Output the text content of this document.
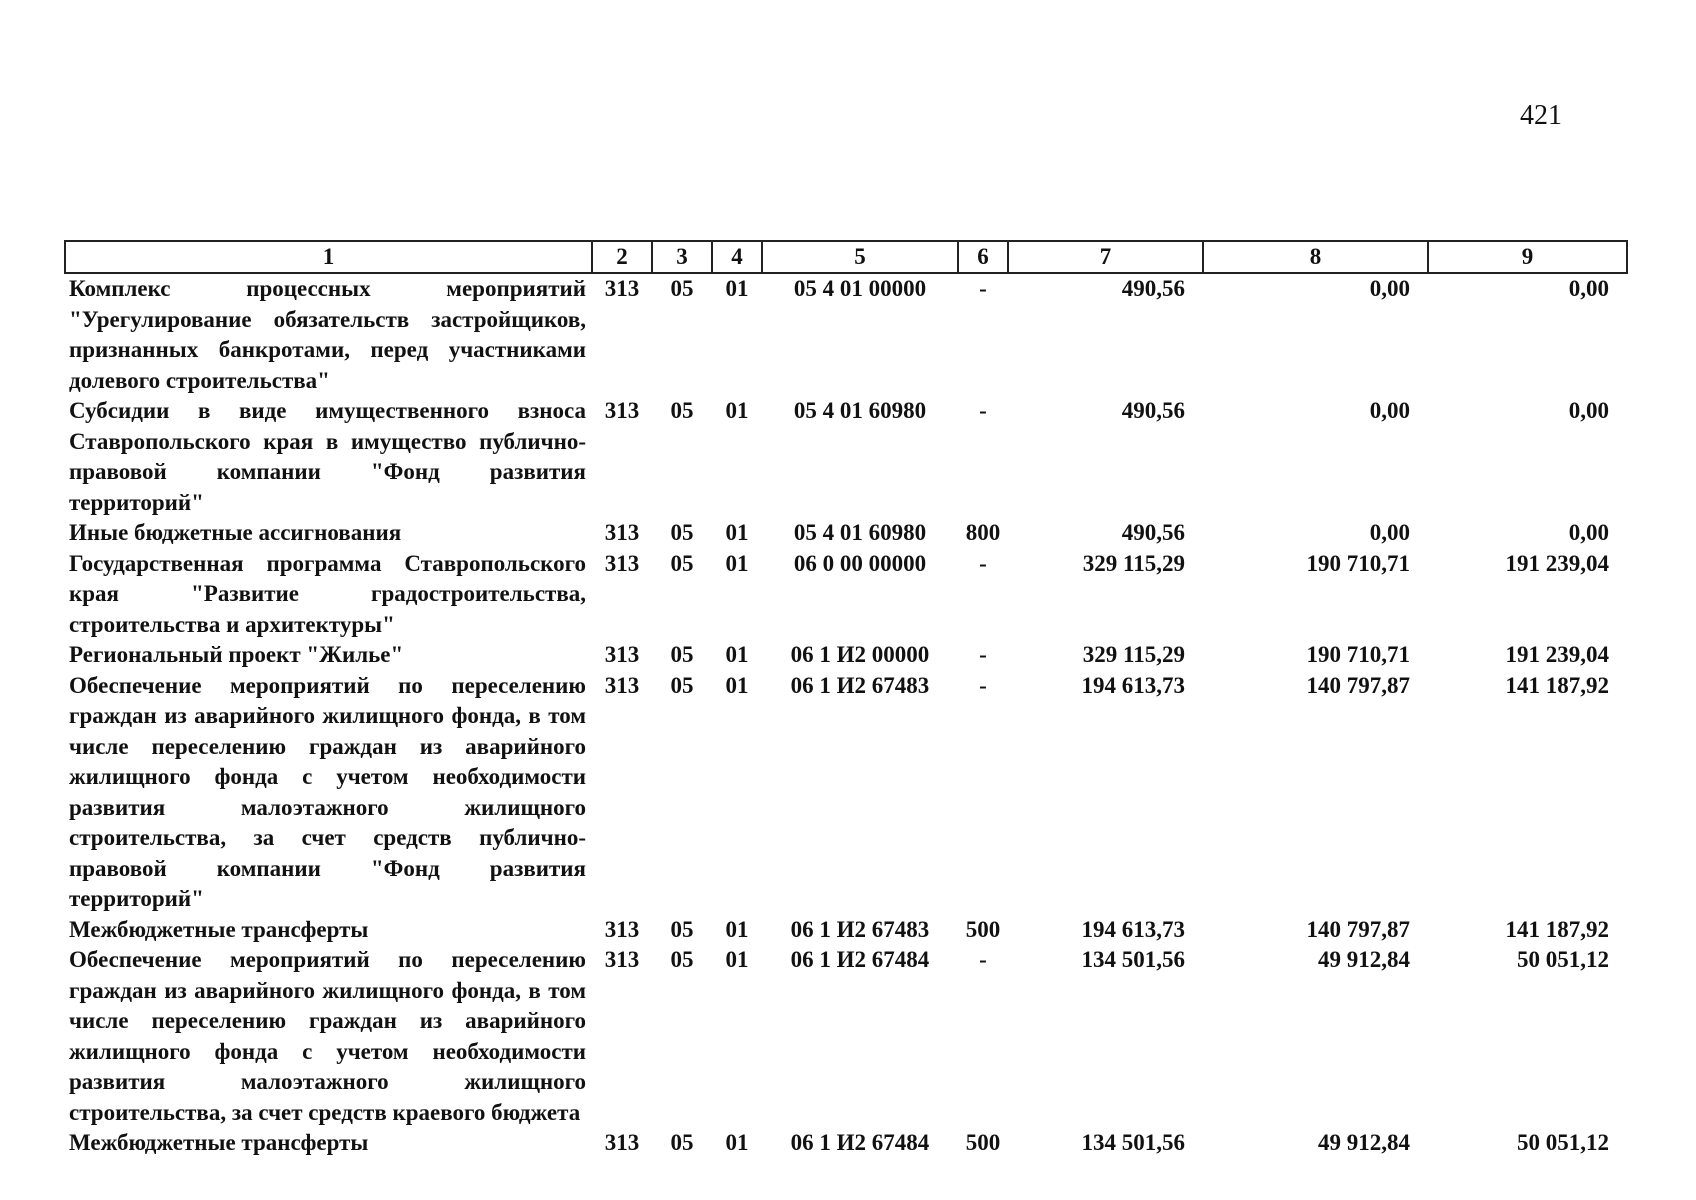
421
1	2	3	4	5	6	7	8	9
Комплекс процессных мероприятий "Урегулирование обязательств застройщиков, признанных банкротами, перед участниками долевого строительства"	313	05	01	05 4 01 00000	-	490,56	0,00	0,00
Субсидии в виде имущественного взноса Ставропольского края в имущество публично-правовой компании "Фонд развития территорий"	313	05	01	05 4 01 60980	-	490,56	0,00	0,00
Иные бюджетные ассигнования	313	05	01	05 4 01 60980	800	490,56	0,00	0,00
Государственная программа Ставропольского края "Развитие градостроительства, строительства и архитектуры"	313	05	01	06 0 00 00000	-	329 115,29	190 710,71	191 239,04
Региональный проект "Жилье"	313	05	01	06 1 И2 00000	-	329 115,29	190 710,71	191 239,04
Обеспечение мероприятий по переселению граждан из аварийного жилищного фонда, в том числе переселению граждан из аварийного жилищного фонда с учетом необходимости развития малоэтажного жилищного строительства, за счет средств публично-правовой компании "Фонд развития территорий"	313	05	01	06 1 И2 67483	-	194 613,73	140 797,87	141 187,92
Межбюджетные трансферты	313	05	01	06 1 И2 67483	500	194 613,73	140 797,87	141 187,92
Обеспечение мероприятий по переселению граждан из аварийного жилищного фонда, в том числе переселению граждан из аварийного жилищного фонда с учетом необходимости развития малоэтажного жилищного строительства, за счет средств краевого бюджета	313	05	01	06 1 И2 67484	-	134 501,56	49 912,84	50 051,12
Межбюджетные трансферты	313	05	01	06 1 И2 67484	500	134 501,56	49 912,84	50 051,12
